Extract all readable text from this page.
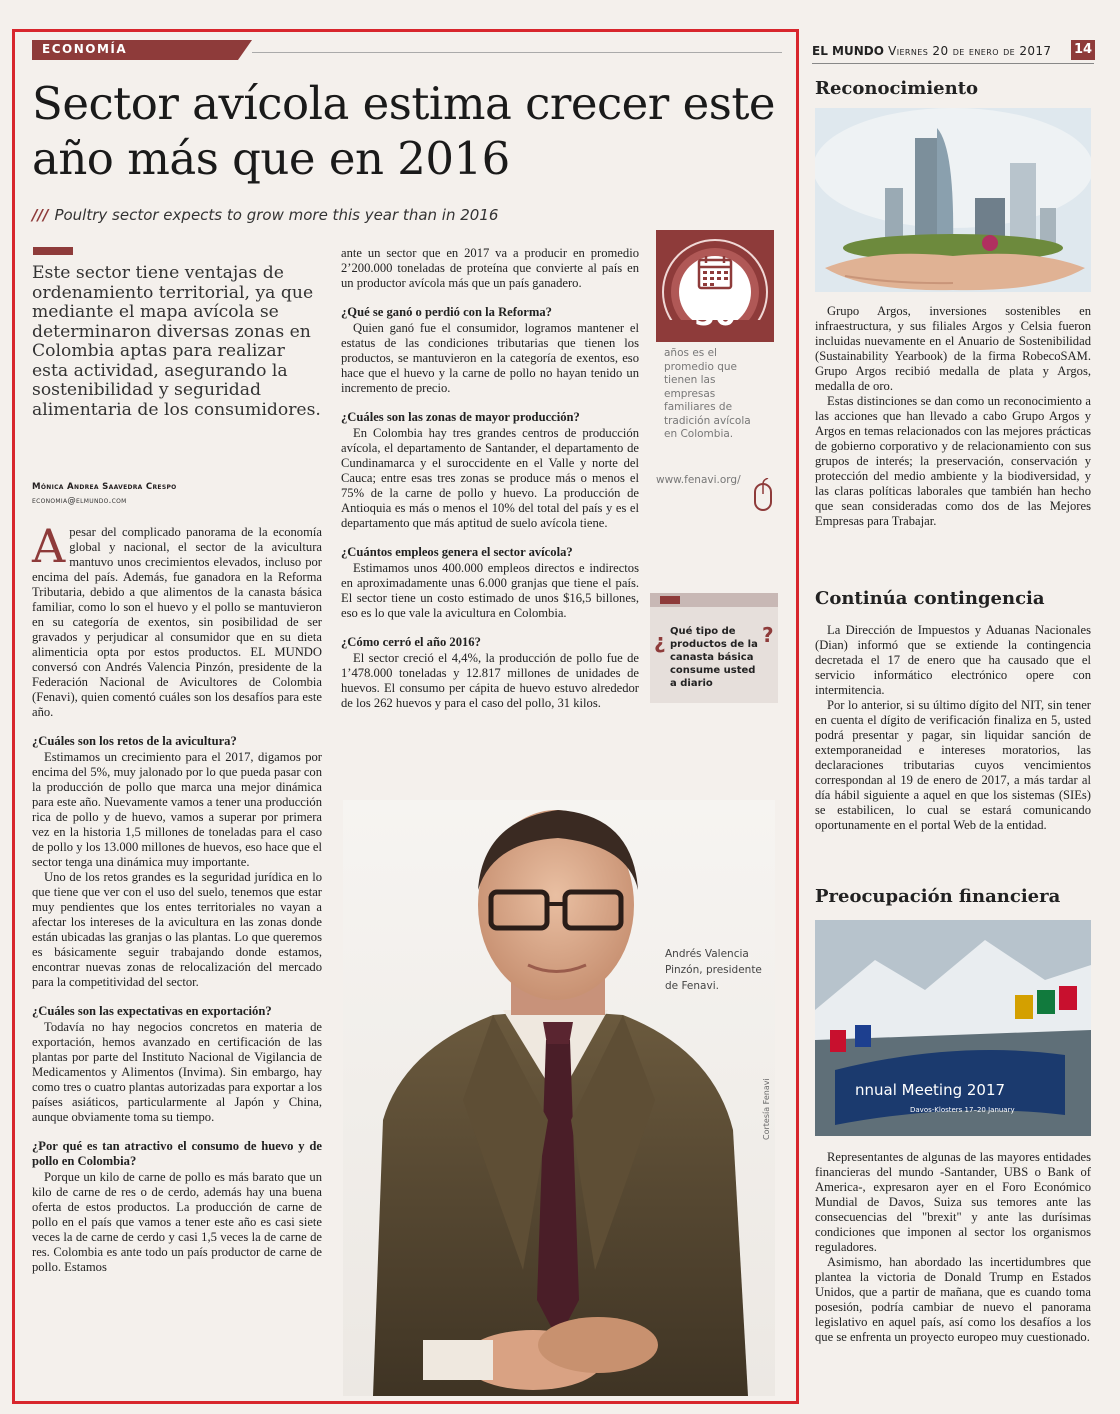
ECONOMÍA
Sector avícola estima crecer este año más que en 2016
/// Poultry sector expects to grow more this year than in 2016
Este sector tiene ventajas de ordenamiento territorial, ya que mediante el mapa avícola se determinaron diversas zonas en Colombia aptas para realizar esta actividad, asegurando la sostenibilidad y seguridad alimentaria de los consumidores.
Mónica Andrea Saavedra Crespo
economia@elmundo.com

Apesar del complicado panorama de la economía global y nacional, el sector de la avicultura mantuvo unos crecimientos elevados, incluso por encima del país. Además, fue ganadora en la Reforma Tributaria, debido a que alimentos de la canasta básica familiar, como lo son el huevo y el pollo se mantuvieron en su categoría de exentos, sin posibilidad de ser gravados y perjudicar al consumidor que en su dieta alimenticia opta por estos productos. EL MUNDO conversó con Andrés Valencia Pinzón, presidente de la Federación Nacional de Avicultores de Colombia (Fenavi), quien comentó cuáles son los desafíos para este año.

¿Cuáles son los retos de la avicultura?

Estimamos un crecimiento para el 2017, digamos por encima del 5%, muy jalonado por lo que pueda pasar con la producción de pollo que marca una mejor dinámica para este año. Nuevamente vamos a tener una producción rica de pollo y de huevo, vamos a superar por primera vez en la historia 1,5 millones de toneladas para el caso de pollo y los 13.000 millones de huevos, eso hace que el sector tenga una dinámica muy importante.

Uno de los retos grandes es la seguridad jurídica en lo que tiene que ver con el uso del suelo, tenemos que estar muy pendientes que los entes territoriales no vayan a afectar los intereses de la avicultura en las zonas donde están ubicadas las granjas o las plantas. Lo que queremos es básicamente seguir trabajando donde estamos, encontrar nuevas zonas de relocalización del mercado para la competitividad del sector.

¿Cuáles son las expectativas en exportación?

Todavía no hay negocios concretos en materia de exportación, hemos avanzado en certificación de las plantas por parte del Instituto Nacional de Vigilancia de Medicamentos y Alimentos (Invima). Sin embargo, hay como tres o cuatro plantas autorizadas para exportar a los países asiáticos, particularmente al Japón y China, aunque obviamente toma su tiempo.

¿Por qué es tan atractivo el consumo de huevo y de pollo en Colombia?

Porque un kilo de carne de pollo es más barato que un kilo de carne de res o de cerdo, además hay una buena oferta de estos productos. La producción de carne de pollo en el país que vamos a tener este año es casi siete veces la de carne de cerdo y casi 1,5 veces la de carne de res. Colombia es ante todo un país productor de carne de pollo. Estamos

ante un sector que en 2017 va a producir en promedio 2’200.000 toneladas de proteína que convierte al país en un productor avícola más que un país ganadero.

¿Qué se ganó o perdió con la Reforma?

Quien ganó fue el consumidor, logramos mantener el estatus de las condiciones tributarias que tienen los productos, se mantuvieron en la categoría de exentos, eso hace que el huevo y la carne de pollo no hayan tenido un incremento de precio.

¿Cuáles son las zonas de mayor producción?

En Colombia hay tres grandes centros de producción avícola, el departamento de Santander, el departamento de Cundinamarca y el suroccidente en el Valle y norte del Cauca; entre esas tres zonas se produce más o menos el 75% de la carne de pollo y huevo. La producción de Antioquia es más o menos el 10% del total del país y es el departamento que más aptitud de suelo avícola tiene.

¿Cuántos empleos genera el sector avícola?

Estimamos unos 400.000 empleos directos e indirectos en aproximadamente unas 6.000 granjas que tiene el país. El sector tiene un costo estimado de unos $16,5 billones, eso es lo que vale la avicultura en Colombia.

¿Cómo cerró el año 2016?

El sector creció el 4,4%, la producción de pollo fue de 1’478.000 toneladas y 12.817 millones de unidades de huevos. El consumo per cápita de huevo estuvo alrededor de los 262 huevos y para el caso del pollo, 31 kilos.

50
años es el promedio que tienen las empresas familiares de tradición avícola en Colombia.
www.fenavi.org/
¿	?
Qué tipo de productos de la canasta básica consume usted a diario
Andrés Valencia Pinzón, presidente de Fenavi.
Cortesía Fenavi
EL MUNDO Viernes 20 de enero de 2017 14
Reconocimiento

Grupo Argos, inversiones sostenibles en infraestructura, y sus filiales Argos y Celsia fueron incluidas nuevamente en el Anuario de Sostenibilidad (Sustainability Yearbook) de la firma RobecoSAM. Grupo Argos recibió medalla de plata y Argos, medalla de oro.

Estas distinciones se dan como un reconocimiento a las acciones que han llevado a cabo Grupo Argos y Argos en temas relacionados con las mejores prácticas de gobierno corporativo y de relacionamiento con sus grupos de interés; la preservación, conservación y protección del medio ambiente y la biodiversidad, y las claras políticas laborales que también han hecho que sean consideradas como dos de las Mejores Empresas para Trabajar.

Continúa contingencia

La Dirección de Impuestos y Aduanas Nacionales (Dian) informó que se extiende la contingencia decretada el 17 de enero que ha causado que el servicio informático electrónico opere con intermitencia.

Por lo anterior, si su último dígito del NIT, sin tener en cuenta el dígito de verificación finaliza en 5, usted podrá presentar y pagar, sin liquidar sanción de extemporaneidad e intereses moratorios, las declaraciones tributarias cuyos vencimientos correspondan al 19 de enero de 2017, a más tardar al día hábil siguiente a aquel en que los sistemas (SIEs) se estabilicen, lo cual se estará comunicando oportunamente en el portal Web de la entidad.

Preocupación financiera
nnual Meeting 2017
Davos-Klosters 17–20 January

Representantes de algunas de las mayores entidades financieras del mundo -Santander, UBS o Bank of America-, expresaron ayer en el Foro Económico Mundial de Davos, Suiza sus temores ante las consecuencias del "brexit" y ante las durísimas condiciones que imponen al sector los organismos reguladores.

Asimismo, han abordado las incertidumbres que plantea la victoria de Donald Trump en Estados Unidos, que a partir de mañana, que es cuando toma posesión, podría cambiar de nuevo el panorama legislativo en aquel país, así como los desafíos a los que se enfrenta un proyecto europeo muy cuestionado.
